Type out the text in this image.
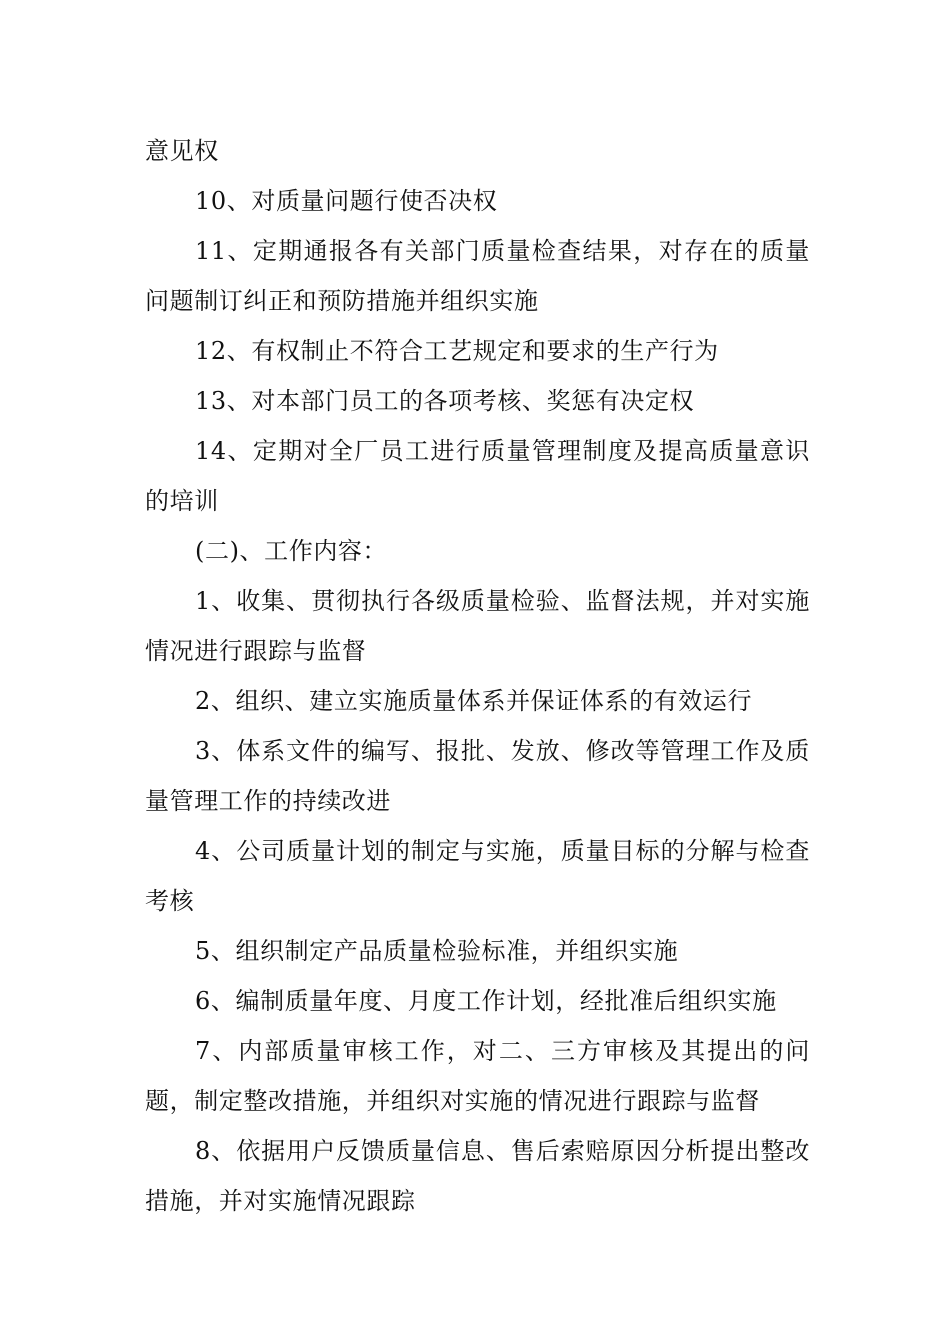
意见权

10、对质量问题行使否决权

11、定期通报各有关部门质量检查结果，对存在的质量问题制订纠正和预防措施并组织实施

12、有权制止不符合工艺规定和要求的生产行为

13、对本部门员工的各项考核、奖惩有决定权

14、定期对全厂员工进行质量管理制度及提高质量意识的培训

(二)、工作内容：

1、收集、贯彻执行各级质量检验、监督法规，并对实施情况进行跟踪与监督

2、组织、建立实施质量体系并保证体系的有效运行

3、体系文件的编写、报批、发放、修改等管理工作及质量管理工作的持续改进

4、公司质量计划的制定与实施，质量目标的分解与检查考核

5、组织制定产品质量检验标准，并组织实施

6、编制质量年度、月度工作计划，经批准后组织实施

7、内部质量审核工作，对二、三方审核及其提出的问题，制定整改措施，并组织对实施的情况进行跟踪与监督

8、依据用户反馈质量信息、售后索赔原因分析提出整改措施，并对实施情况跟踪
